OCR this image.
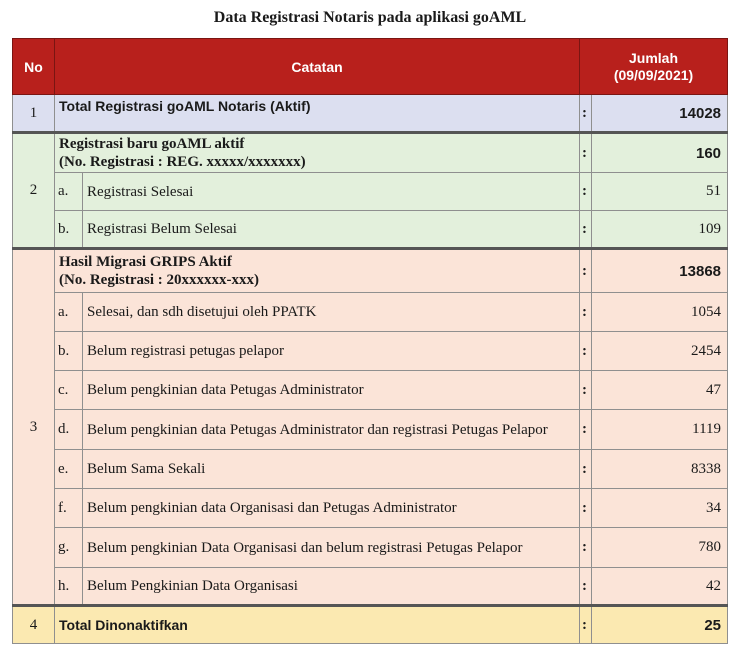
Data Registrasi Notaris pada aplikasi goAML
No	Catatan		Jumlah
(09/09/2021)	

1	Total Registrasi goAML Notaris (Aktif)		:	14028
2	Registrasi baru goAML aktif
(No. Registrasi : REG. xxxxx/xxxxxxx)		:	160
	a.	Registrasi Selesai	:	51
	b.	Registrasi Belum Selesai	:	109
3	Hasil Migrasi GRIPS Aktif
(No. Registrasi : 20xxxxxx-xxx)		:	13868
	a.	Selesai, dan sdh disetujui oleh PPATK	:	1054
	b.	Belum registrasi petugas pelapor	:	2454
	c.	Belum pengkinian data Petugas Administrator	:	47
	d.	Belum pengkinian data Petugas Administrator dan registrasi Petugas Pelapor	:	1119
	e.	Belum Sama Sekali	:	8338
	f.	Belum pengkinian data Organisasi dan Petugas Administrator	:	34
	g.	Belum pengkinian Data Organisasi dan belum registrasi Petugas Pelapor	:	780
	h.	Belum Pengkinian Data Organisasi	:	42
4	Total Dinonaktifkan		:	25
